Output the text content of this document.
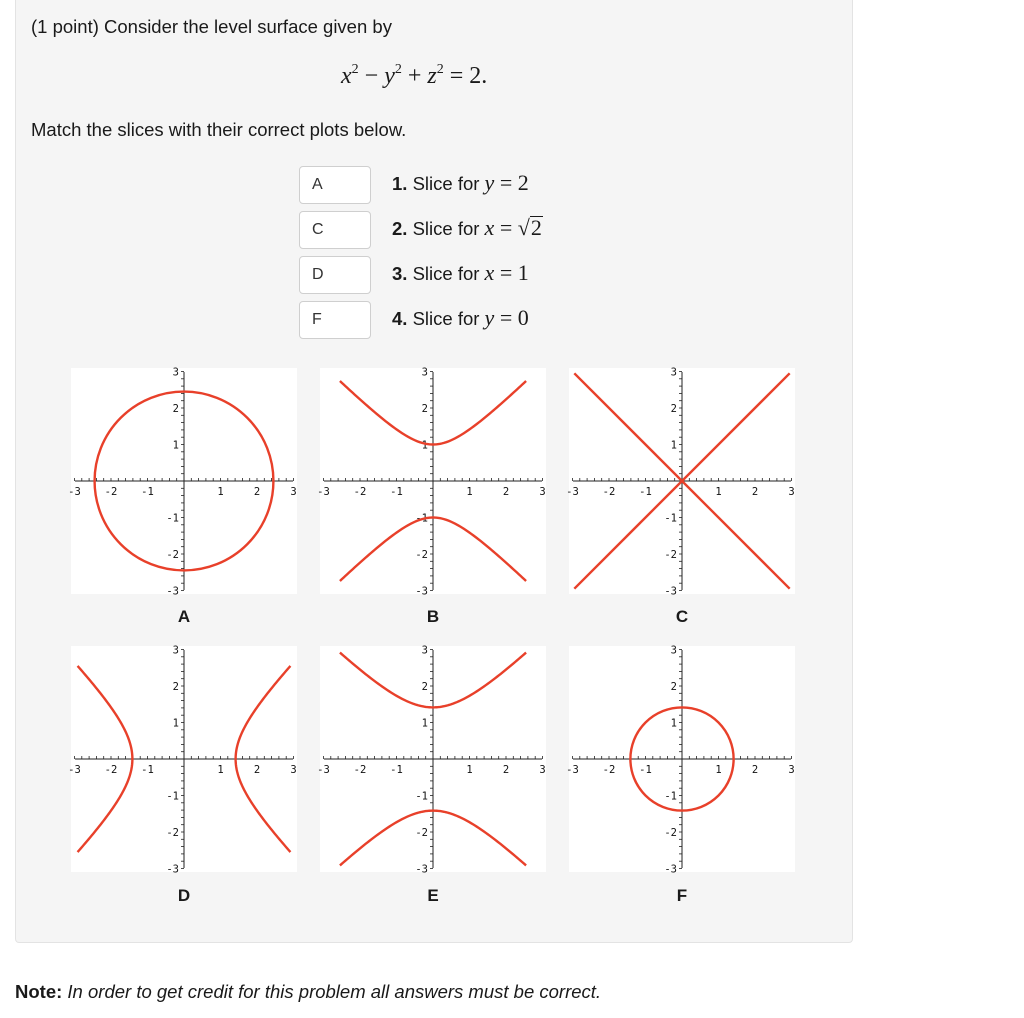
(1 point) Consider the level surface given by
$x^2 - y^2 + z^2 = 2$.
Match the slices with their correct plots below.
A
1. Slice for y = 2
C
2. Slice for x = √2
D
3. Slice for x = 1
F
4. Slice for y = 0
-3
-3
-2
-2
-1
-1
1
1
2
2
3
3
A
-3
-3
-2
-2
-1
-1
1
1
2
2
3
3
B
-3
-3
-2
-2
-1
-1
1
1
2
2
3
3
C
-3
-3
-2
-2
-1
-1
1
1
2
2
3
3
D
-3
-3
-2
-2
-1
-1
1
1
2
2
3
3
E
-3
-3
-2
-2
-1
-1
1
1
2
2
3
3
F
Note: In order to get credit for this problem all answers must be correct.
